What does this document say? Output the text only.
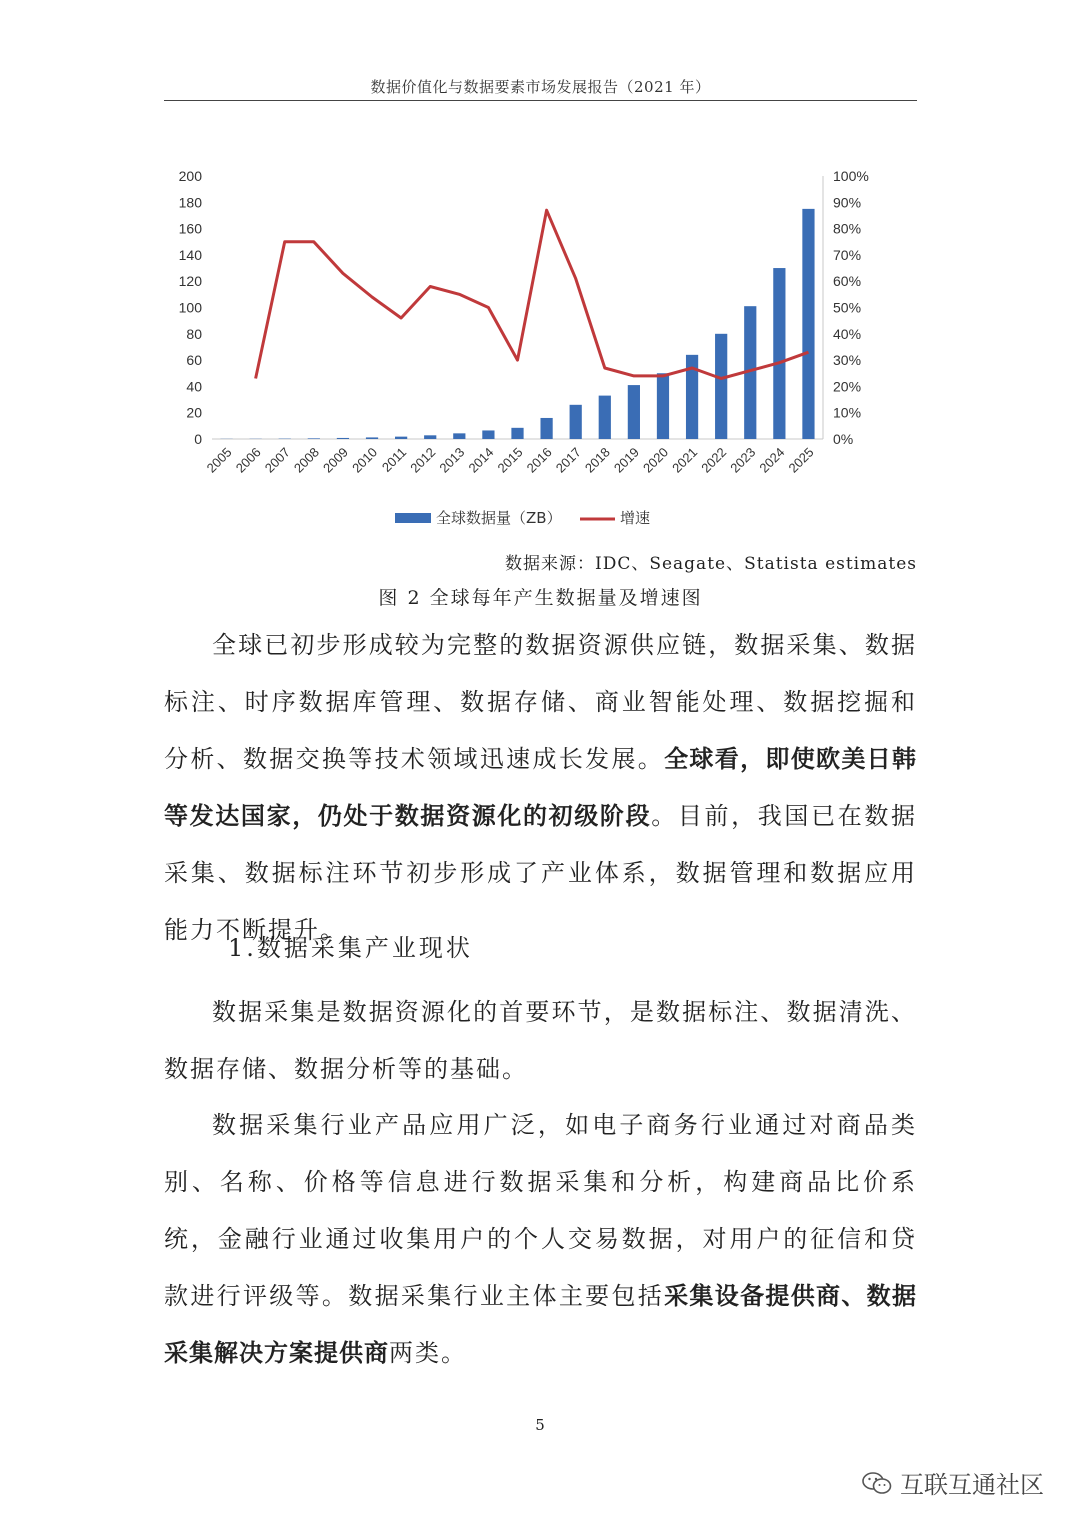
数据价值化与数据要素市场发展报告（2021 年）
0
20
40
60
80
100
120
140
160
180
200
0%
10%
20%
30%
40%
50%
60%
70%
80%
90%
100%
2005
2006
2007
2008
2009
2010
2011
2012
2013
2014
2015
2016
2017
2018
2019
2020
2021
2022
2023
2024
2025
全球数据量（ZB）	增速
数据来源：IDC、Seagate、Statista estimates
图 2 全球每年产生数据量及增速图

全球已初步形成较为完整的数据资源供应链，数据采集、数据标注、时序数据库管理、数据存储、商业智能处理、数据挖掘和分析、数据交换等技术领域迅速成长发展。全球看，即使欧美日韩等发达国家，仍处于数据资源化的初级阶段。目前，我国已在数据采集、数据标注环节初步形成了产业体系，数据管理和数据应用能力不断提升。

1.数据采集产业现状

数据采集是数据资源化的首要环节，是数据标注、数据清洗、数据存储、数据分析等的基础。

数据采集行业产品应用广泛，如电子商务行业通过对商品类别、名称、价格等信息进行数据采集和分析，构建商品比价系统，金融行业通过收集用户的个人交易数据，对用户的征信和贷款进行评级等。数据采集行业主体主要包括采集设备提供商、数据采集解决方案提供商两类。

5
互联互通社区
